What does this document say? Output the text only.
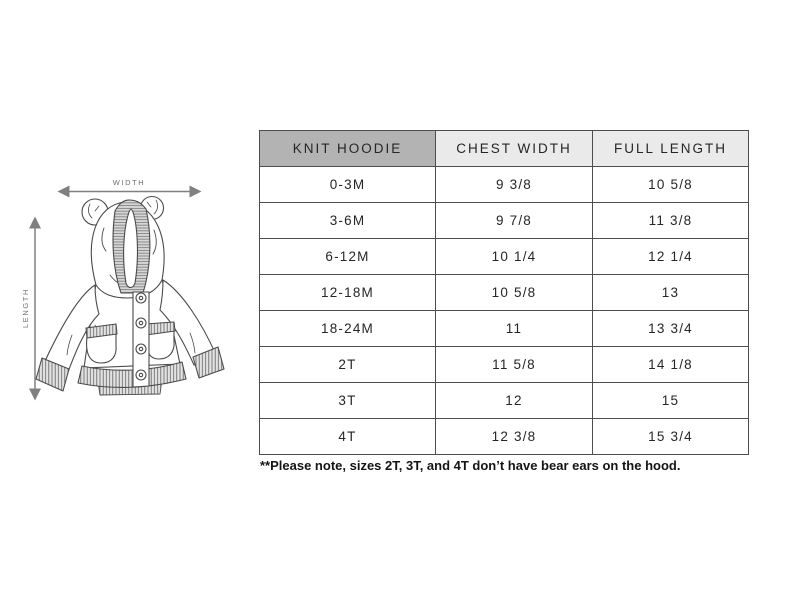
WIDTH
LENGTH
KNIT HOODIE	CHEST WIDTH	FULL LENGTH
0-3M	9 3/8	10 5/8
3-6M	9 7/8	11 3/8
6-12M	10 1/4	12 1/4
12-18M	10 5/8	13
18-24M	11	13 3/4
2T	11 5/8	14 1/8
3T	12	15
4T	12 3/8	15 3/4
**Please note, sizes 2T, 3T, and 4T don’t have bear ears on the hood.
